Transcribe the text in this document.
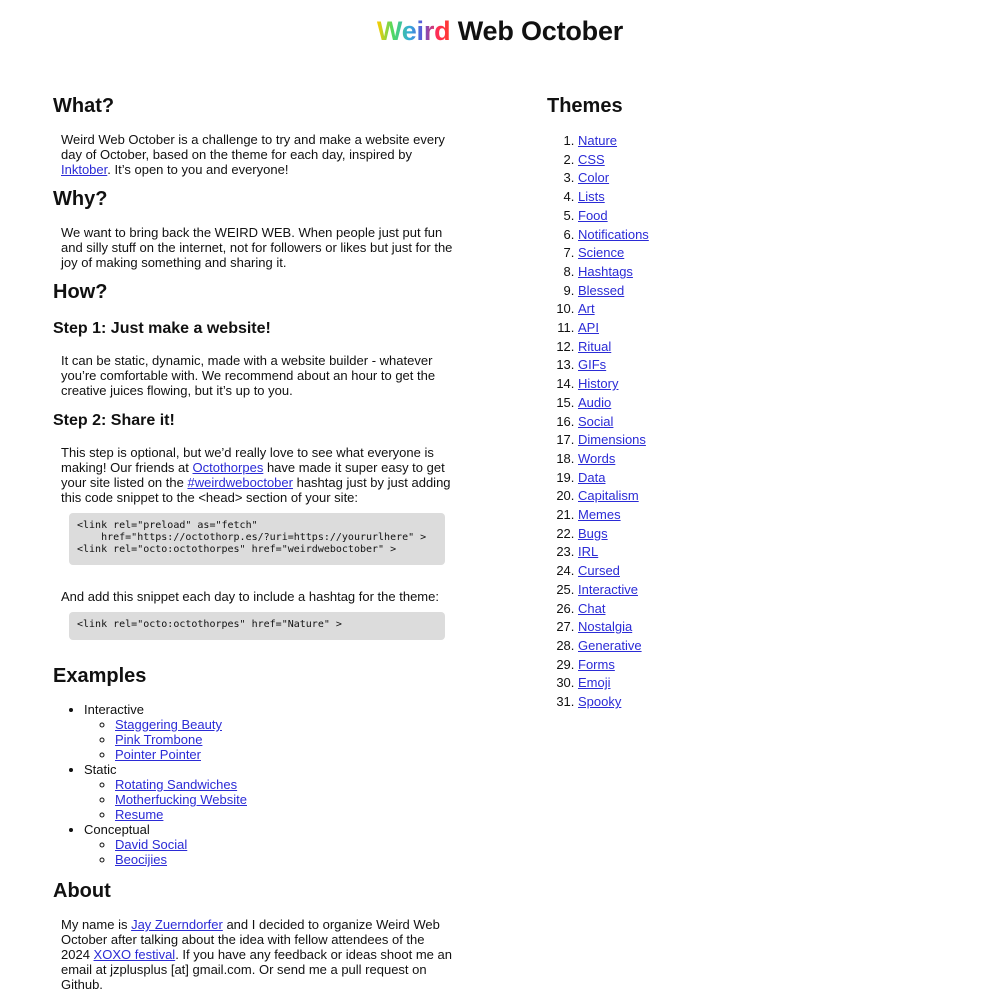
Weird Web October
What?

Weird Web October is a challenge to try and make a website every day of October, based on the theme for each day, inspired by Inktober. It’s open to you and everyone!

Why?

We want to bring back the WEIRD WEB. When people just put fun and silly stuff on the internet, not for followers or likes but just for the joy of making something and sharing it.

How?
Step 1: Just make a website!

It can be static, dynamic, made with a website builder - whatever you’re comfortable with. We recommend about an hour to get the creative juices flowing, but it’s up to you.

Step 2: Share it!

This step is optional, but we’d really love to see what everyone is making! Our friends at Octothorpes have made it super easy to get your site listed on the #weirdweboctober hashtag just by just adding this code snippet to the <head> section of your site:

<link rel="preload" as="fetch"
href="https://octothorp.es/?uri=https://yoururlhere" >
<link rel="octo:octothorpes" href="weirdweboctober" >

And add this snippet each day to include a hashtag for the theme:

<link rel="octo:octothorpes" href="Nature" >
Examples
• Interactive
◦ Staggering Beauty
◦ Pink Trombone
◦ Pointer Pointer
• Static
◦ Rotating Sandwiches
◦ Motherfucking Website
◦ Resume
• Conceptual
◦ David Social
◦ Beocijies
About

My name is Jay Zuerndorfer and I decided to organize Weird Web October after talking about the idea with fellow attendees of the 2024 XOXO festival. If you have any feedback or ideas shoot me an email at jzplusplus [at] gmail.com. Or send me a pull request on Github.

Themes
1. Nature
2. CSS
3. Color
4. Lists
5. Food
6. Notifications
7. Science
8. Hashtags
9. Blessed
10. Art
11. API
12. Ritual
13. GIFs
14. History
15. Audio
16. Social
17. Dimensions
18. Words
19. Data
20. Capitalism
21. Memes
22. Bugs
23. IRL
24. Cursed
25. Interactive
26. Chat
27. Nostalgia
28. Generative
29. Forms
30. Emoji
31. Spooky
